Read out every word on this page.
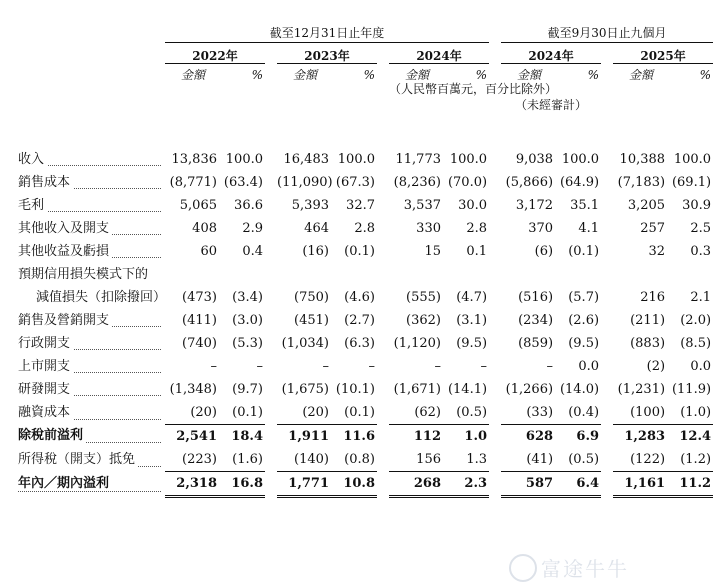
	截至12月31日止年度									截至9月30日止九個月				
	2022年			2023年			2024年			2024年			2025年	
	金額	%		金額	%		金額	%		金額	%		金額	%
							（人民幣百萬元，百分比除外）							
										（未經審計）				

收入	13,836	100.0		16,483	100.0		11,773	100.0		9,038	100.0		10,388	100.0
銷售成本	(8,771)	(63.4)		(11,090)	(67.3)		(8,236)	(70.0)		(5,866)	(64.9)		(7,183)	(69.1)
毛利	5,065	36.6		5,393	32.7		3,537	30.0		3,172	35.1		3,205	30.9
其他收入及開支	408	2.9		464	2.8		330	2.8		370	4.1		257	2.5
其他收益及虧損	60	0.4		(16)	(0.1)		15	0.1		(6)	(0.1)		32	0.3
預期信用損失模式下的														
減值損失（扣除撥回）	(473)	(3.4)		(750)	(4.6)		(555)	(4.7)		(516)	(5.7)		216	2.1
銷售及營銷開支	(411)	(3.0)		(451)	(2.7)		(362)	(3.1)		(234)	(2.6)		(211)	(2.0)
行政開支	(740)	(5.3)		(1,034)	(6.3)		(1,120)	(9.5)		(859)	(9.5)		(883)	(8.5)
上市開支	–	–		–	–		–	–		–	0.0		(2)	0.0
研發開支	(1,348)	(9.7)		(1,675)	(10.1)		(1,671)	(14.1)		(1,266)	(14.0)		(1,231)	(11.9)
融資成本	(20)	(0.1)		(20)	(0.1)		(62)	(0.5)		(33)	(0.4)		(100)	(1.0)
除稅前溢利	2,541	18.4		1,911	11.6		112	1.0		628	6.9		1,283	12.4
所得稅（開支）抵免	(223)	(1.6)		(140)	(0.8)		156	1.3		(41)	(0.5)		(122)	(1.2)
年內／期內溢利	2,318	16.8		1,771	10.8		268	2.3		587	6.4		1,161	11.2
富途牛牛
